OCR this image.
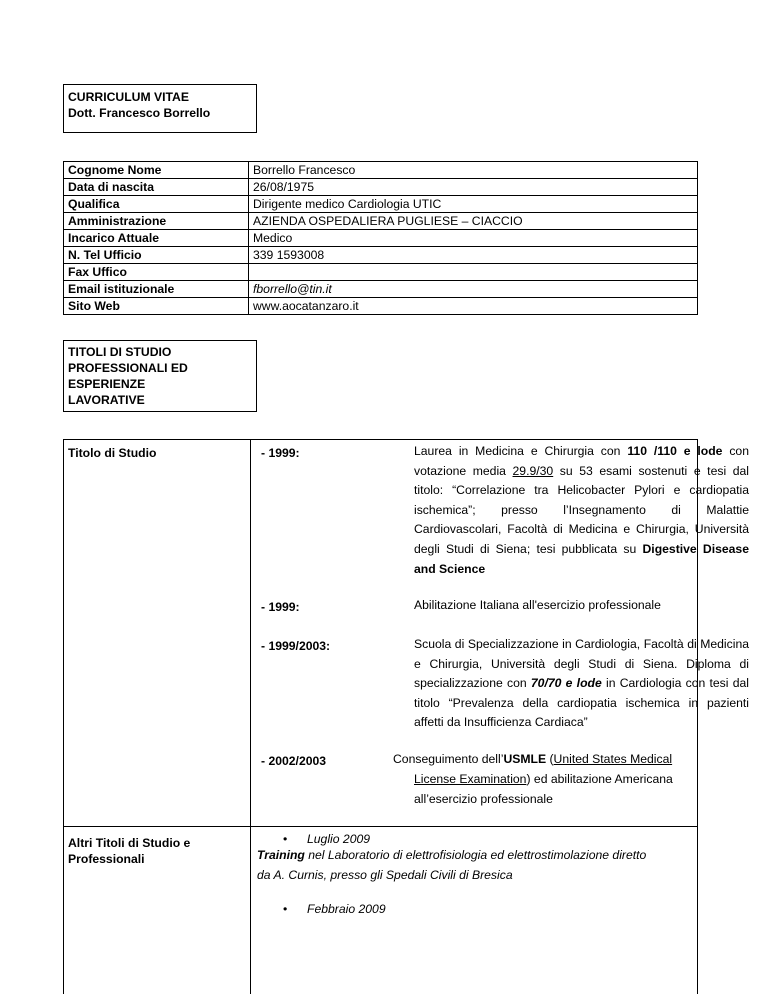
CURRICULUM VITAE
Dott. Francesco Borrello
Cognome Nome	Borrello Francesco
Data di nascita	26/08/1975
Qualifica	Dirigente medico Cardiologia UTIC
Amministrazione	AZIENDA OSPEDALIERA PUGLIESE – CIACCIO
Incarico Attuale	Medico
N. Tel Ufficio	339 1593008
Fax Uffico	
Email istituzionale	fborrello@tin.it
Sito Web	www.aocatanzaro.it
TITOLI DI STUDIO
PROFESSIONALI ED
ESPERIENZE
LAVORATIVE
Titolo di Studio	- 1999:	Laurea in Medicina e Chirurgia con 110 /110 e lode con votazione media 29.9/30 su 53 esami sostenuti e tesi dal titolo: “Correlazione tra Helicobacter Pylori e cardiopatia ischemica”; presso l’Insegnamento di Malattie Cardiovascolari, Facoltà di Medicina e Chirurgia, Università degli Studi di Siena; tesi pubblicata su Digestive Disease and Science
- 1999:	Abilitazione Italiana all'esercizio professionale
- 1999/2003:	Scuola di Specializzazione in Cardiologia, Facoltà di Medicina e Chirurgia, Università degli Studi di Siena. Diploma di specializzazione con 70/70 e lode in Cardiologia con tesi dal titolo “Prevalenza della cardiopatia ischemica in pazienti affetti da Insufficienza Cardiaca”
- 2002/2003	Conseguimento dell’USMLE (United States Medical
License Examination) ed abilitazione Americana
all’esercizio professionale
Altri Titoli di Studio e
Professionali
• Luglio 2009
Training nel Laboratorio di elettrofisiologia ed elettrostimolazione diretto
da A. Curnis, presso gli Spedali Civili di Bresica
• Febbraio 2009
